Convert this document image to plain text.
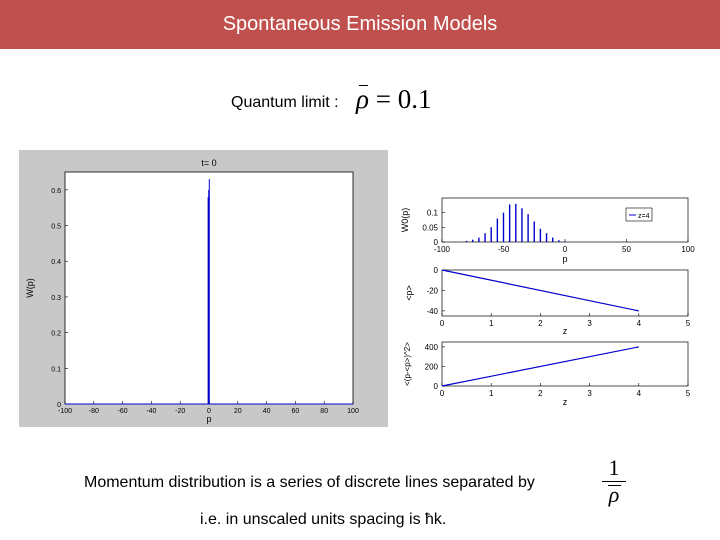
Spontaneous Emission Models
Quantum limit : ρ = 0.1
t= 0
0
0.1
0.2
0.3
0.4
0.5
0.6
-100 -80	-60	-40	-20	0	20	40	60	80	100
p
W(p)
0
0.05
0.1
-100	-50	0	50	100
z=4
p
W0(p)
0
-20
-40
0	1	2	3	4	5
z
<p>
0
200
400
0	1	2	3	4	5
z
<(p-<p>)^2>
Momentum distribution is a series of discrete lines separated by
1
ρ
i.e. in unscaled units spacing is ħk.
